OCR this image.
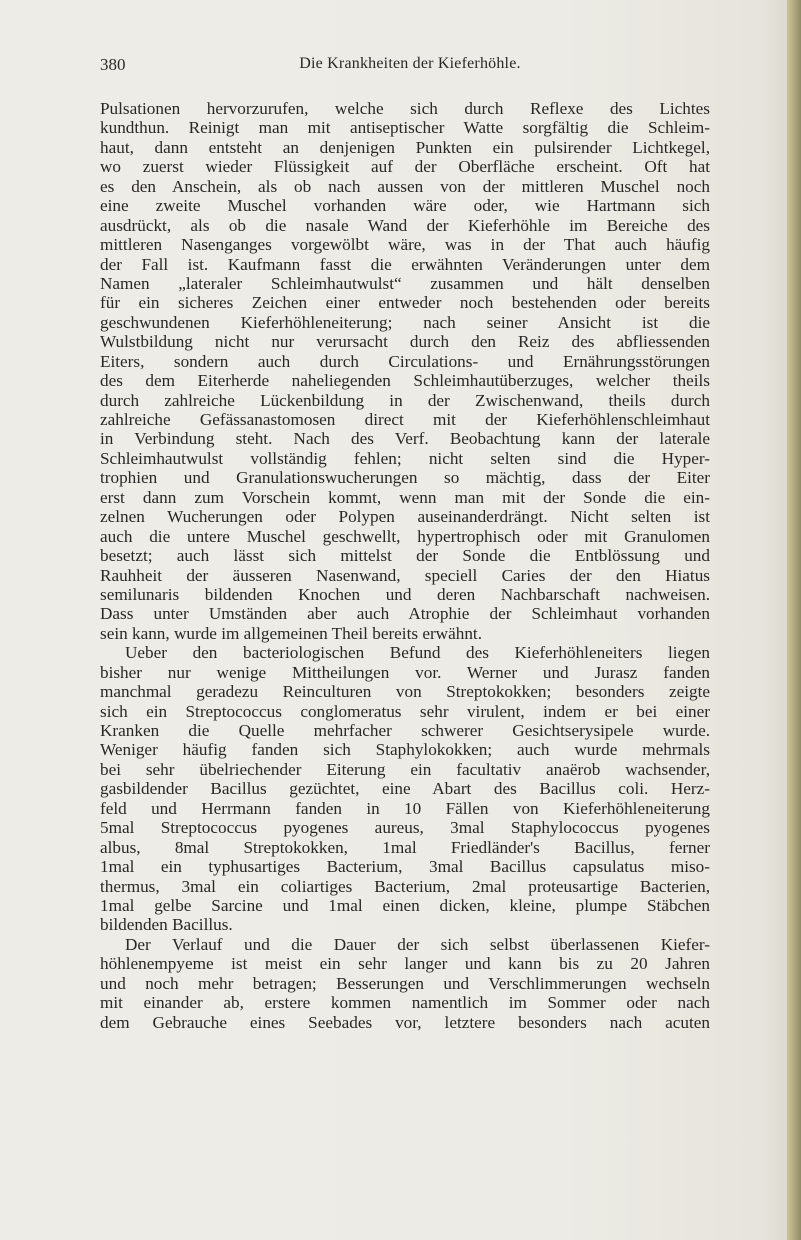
Die Krankheiten der Kieferhöhle.
380
Pulsationen hervorzurufen, welche sich durch Reflexe des Lichtes
kundthun. Reinigt man mit antiseptischer Watte sorgfältig die Schleim-
haut, dann entsteht an denjenigen Punkten ein pulsirender Lichtkegel,
wo zuerst wieder Flüssigkeit auf der Oberfläche erscheint. Oft hat
es den Anschein, als ob nach aussen von der mittleren Muschel noch
eine zweite Muschel vorhanden wäre oder, wie Hartmann sich
ausdrückt, als ob die nasale Wand der Kieferhöhle im Bereiche des
mittleren Nasenganges vorgewölbt wäre, was in der That auch häufig
der Fall ist. Kaufmann fasst die erwähnten Veränderungen unter dem
Namen „lateraler Schleimhautwulst“ zusammen und hält denselben
für ein sicheres Zeichen einer entweder noch bestehenden oder bereits
geschwundenen Kieferhöhleneiterung; nach seiner Ansicht ist die
Wulstbildung nicht nur verursacht durch den Reiz des abfliessenden
Eiters, sondern auch durch Circulations- und Ernährungsstörungen
des dem Eiterherde naheliegenden Schleimhautüberzuges, welcher theils
durch zahlreiche Lückenbildung in der Zwischenwand, theils durch
zahlreiche Gefässanastomosen direct mit der Kieferhöhlenschleimhaut
in Verbindung steht. Nach des Verf. Beobachtung kann der laterale
Schleimhautwulst vollständig fehlen; nicht selten sind die Hyper-
trophien und Granulationswucherungen so mächtig, dass der Eiter
erst dann zum Vorschein kommt, wenn man mit der Sonde die ein-
zelnen Wucherungen oder Polypen auseinanderdrängt. Nicht selten ist
auch die untere Muschel geschwellt, hypertrophisch oder mit Granulomen
besetzt; auch lässt sich mittelst der Sonde die Entblössung und
Rauhheit der äusseren Nasenwand, speciell Caries der den Hiatus
semilunaris bildenden Knochen und deren Nachbarschaft nachweisen.
Dass unter Umständen aber auch Atrophie der Schleimhaut vorhanden
sein kann, wurde im allgemeinen Theil bereits erwähnt.
Ueber den bacteriologischen Befund des Kieferhöhleneiters liegen
bisher nur wenige Mittheilungen vor. Werner und Jurasz fanden
manchmal geradezu Reinculturen von Streptokokken; besonders zeigte
sich ein Streptococcus conglomeratus sehr virulent, indem er bei einer
Kranken die Quelle mehrfacher schwerer Gesichtserysipele wurde.
Weniger häufig fanden sich Staphylokokken; auch wurde mehrmals
bei sehr übelriechender Eiterung ein facultativ anaërob wachsender,
gasbildender Bacillus gezüchtet, eine Abart des Bacillus coli. Herz-
feld und Herrmann fanden in 10 Fällen von Kieferhöhleneiterung
5mal Streptococcus pyogenes aureus, 3mal Staphylococcus pyogenes
albus, 8mal Streptokokken, 1mal Friedländer's Bacillus, ferner
1mal ein typhusartiges Bacterium, 3mal Bacillus capsulatus miso-
thermus, 3mal ein coliartiges Bacterium, 2mal proteusartige Bacterien,
1mal gelbe Sarcine und 1mal einen dicken, kleine, plumpe Stäbchen
bildenden Bacillus.
Der Verlauf und die Dauer der sich selbst überlassenen Kiefer-
höhlenempyeme ist meist ein sehr langer und kann bis zu 20 Jahren
und noch mehr betragen; Besserungen und Verschlimmerungen wechseln
mit einander ab, erstere kommen namentlich im Sommer oder nach
dem Gebrauche eines Seebades vor, letztere besonders nach acuten
